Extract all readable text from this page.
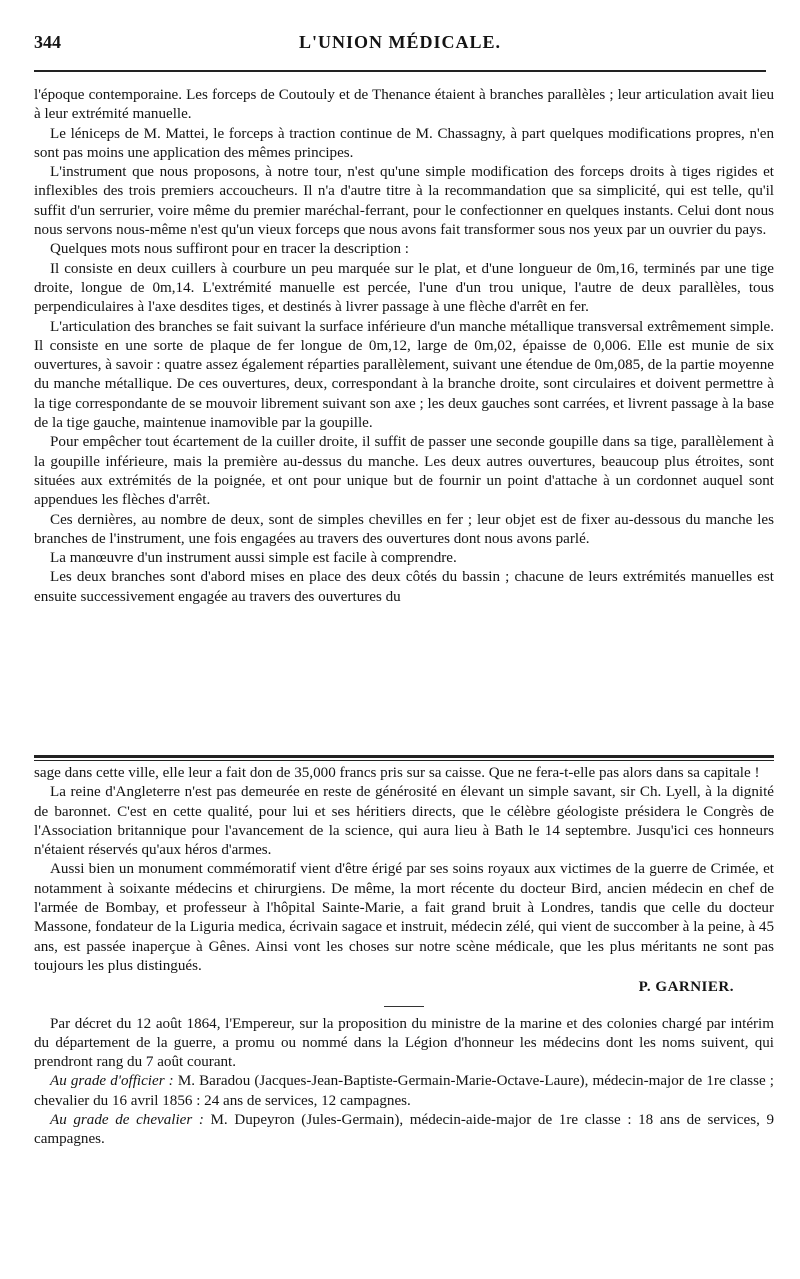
344	L'UNION MÉDICALE.

l'époque contemporaine. Les forceps de Coutouly et de Thenance étaient à branches parallèles ; leur articulation avait lieu à leur extrémité manuelle.

Le léniceps de M. Mattei, le forceps à traction continue de M. Chassagny, à part quelques modifications propres, n'en sont pas moins une application des mêmes principes.

L'instrument que nous proposons, à notre tour, n'est qu'une simple modification des forceps droits à tiges rigides et inflexibles des trois premiers accoucheurs. Il n'a d'autre titre à la recommandation que sa simplicité, qui est telle, qu'il suffit d'un serrurier, voire même du premier maréchal-ferrant, pour le confectionner en quelques instants. Celui dont nous nous servons nous-même n'est qu'un vieux forceps que nous avons fait transformer sous nos yeux par un ouvrier du pays.

Quelques mots nous suffiront pour en tracer la description :

Il consiste en deux cuillers à courbure un peu marquée sur le plat, et d'une longueur de 0m,16, terminés par une tige droite, longue de 0m,14. L'extrémité manuelle est percée, l'une d'un trou unique, l'autre de deux parallèles, tous perpendiculaires à l'axe desdites tiges, et destinés à livrer passage à une flèche d'arrêt en fer.

L'articulation des branches se fait suivant la surface inférieure d'un manche métallique transversal extrêmement simple. Il consiste en une sorte de plaque de fer longue de 0m,12, large de 0m,02, épaisse de 0,006. Elle est munie de six ouvertures, à savoir : quatre assez également réparties parallèlement, suivant une étendue de 0m,085, de la partie moyenne du manche métallique. De ces ouvertures, deux, correspondant à la branche droite, sont circulaires et doivent permettre à la tige correspondante de se mouvoir librement suivant son axe ; les deux gauches sont carrées, et livrent passage à la base de la tige gauche, maintenue inamovible par la goupille.

Pour empêcher tout écartement de la cuiller droite, il suffit de passer une seconde goupille dans sa tige, parallèlement à la goupille inférieure, mais la première au-dessus du manche. Les deux autres ouvertures, beaucoup plus étroites, sont situées aux extrémités de la poignée, et ont pour unique but de fournir un point d'attache à un cordonnet auquel sont appendues les flèches d'arrêt.

Ces dernières, au nombre de deux, sont de simples chevilles en fer ; leur objet est de fixer au-dessous du manche les branches de l'instrument, une fois engagées au travers des ouvertures dont nous avons parlé.

La manœuvre d'un instrument aussi simple est facile à comprendre.

Les deux branches sont d'abord mises en place des deux côtés du bassin ; chacune de leurs extrémités manuelles est ensuite successivement engagée au travers des ouvertures du

sage dans cette ville, elle leur a fait don de 35,000 francs pris sur sa caisse. Que ne fera-t-elle pas alors dans sa capitale !

La reine d'Angleterre n'est pas demeurée en reste de générosité en élevant un simple savant, sir Ch. Lyell, à la dignité de baronnet. C'est en cette qualité, pour lui et ses héritiers directs, que le célèbre géologiste présidera le Congrès de l'Association britannique pour l'avancement de la science, qui aura lieu à Bath le 14 septembre. Jusqu'ici ces honneurs n'étaient réservés qu'aux héros d'armes.

Aussi bien un monument commémoratif vient d'être érigé par ses soins royaux aux victimes de la guerre de Crimée, et notamment à soixante médecins et chirurgiens. De même, la mort récente du docteur Bird, ancien médecin en chef de l'armée de Bombay, et professeur à l'hôpital Sainte-Marie, a fait grand bruit à Londres, tandis que celle du docteur Massone, fondateur de la Liguria medica, écrivain sagace et instruit, médecin zélé, qui vient de succomber à la peine, à 45 ans, est passée inaperçue à Gênes. Ainsi vont les choses sur notre scène médicale, que les plus méritants ne sont pas toujours les plus distingués.

P. GARNIER.

Par décret du 12 août 1864, l'Empereur, sur la proposition du ministre de la marine et des colonies chargé par intérim du département de la guerre, a promu ou nommé dans la Légion d'honneur les médecins dont les noms suivent, qui prendront rang du 7 août courant.

Au grade d'officier : M. Baradou (Jacques-Jean-Baptiste-Germain-Marie-Octave-Laure), médecin-major de 1re classe ; chevalier du 16 avril 1856 : 24 ans de services, 12 campagnes.

Au grade de chevalier : M. Dupeyron (Jules-Germain), médecin-aide-major de 1re classe : 18 ans de services, 9 campagnes.
